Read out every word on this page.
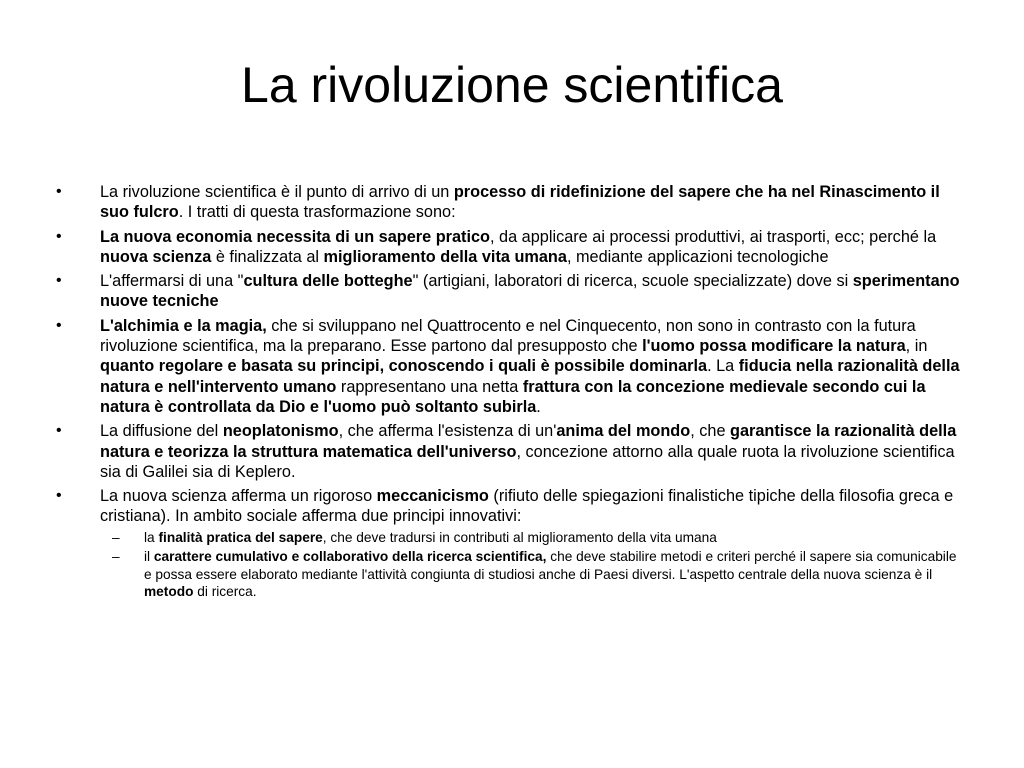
La rivoluzione scientifica
•	La rivoluzione scientifica è il punto di arrivo di un processo di ridefinizione del sapere che ha nel Rinascimento il suo fulcro. I tratti di questa trasformazione sono:
•	La nuova economia necessita di un sapere pratico, da applicare ai processi produttivi, ai trasporti, ecc; perché la nuova scienza è finalizzata al miglioramento della vita umana, mediante applicazioni tecnologiche
•	L'affermarsi di una "cultura delle botteghe" (artigiani, laboratori di ricerca, scuole specializzate) dove si sperimentano nuove tecniche
•	L'alchimia e la magia, che si sviluppano nel Quattrocento e nel Cinquecento, non sono in contrasto con la futura rivoluzione scientifica, ma la preparano. Esse partono dal presupposto che l'uomo possa modificare la natura, in quanto regolare e basata su principi, conoscendo i quali è possibile dominarla. La fiducia nella razionalità della natura e nell'intervento umano rappresentano una netta frattura con la concezione medievale secondo cui la natura è controllata da Dio e l'uomo può soltanto subirla.
•	La diffusione del neoplatonismo, che afferma l'esistenza di un'anima del mondo, che garantisce la razionalità della natura e teorizza la struttura matematica dell'universo, concezione attorno alla quale ruota la rivoluzione scientifica sia di Galilei sia di Keplero.
•	La nuova scienza afferma un rigoroso meccanicismo (rifiuto delle spiegazioni finalistiche tipiche della filosofia greca e cristiana). In ambito sociale afferma due principi innovativi:
–	la finalità pratica del sapere, che deve tradursi in contributi al miglioramento della vita umana
–	il carattere cumulativo e collaborativo della ricerca scientifica, che deve stabilire metodi e criteri perché il sapere sia comunicabile e possa essere elaborato mediante l'attività congiunta di studiosi anche di Paesi diversi. L'aspetto centrale della nuova scienza è il metodo di ricerca.
